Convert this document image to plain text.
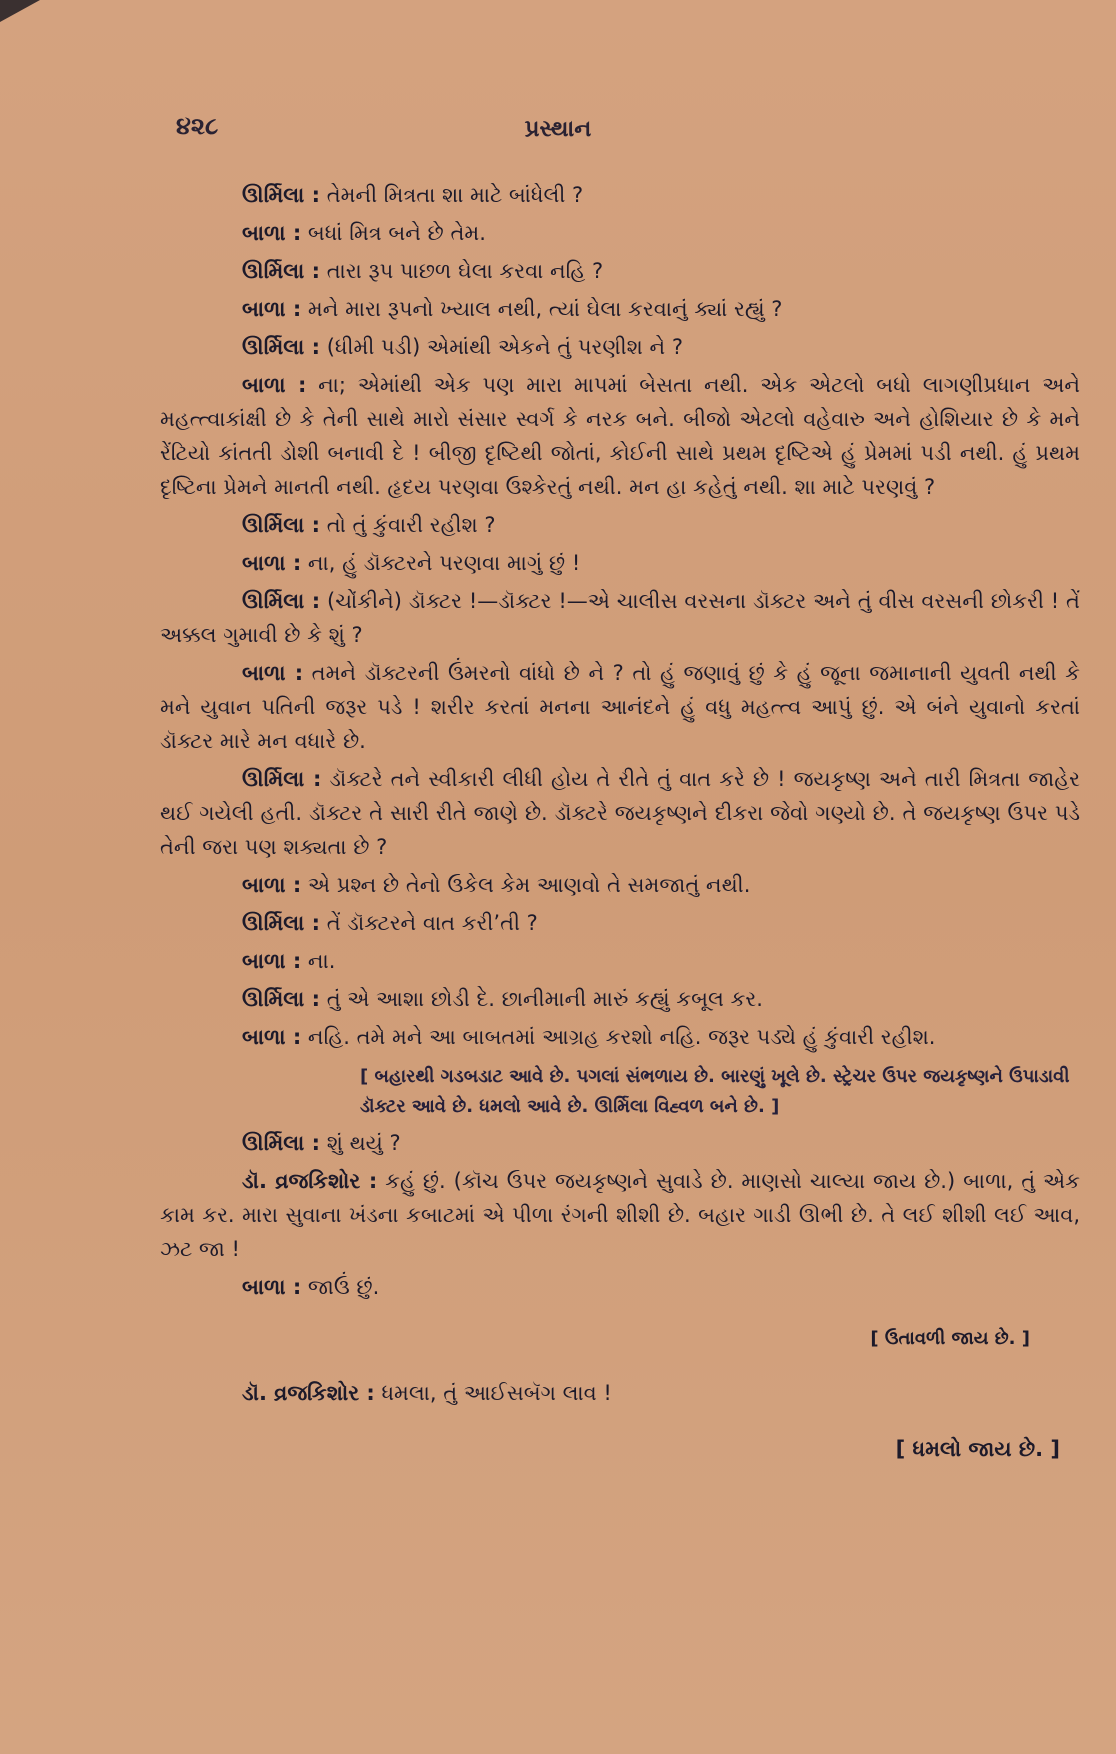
૪૨૮	પ્રસ્થાન

ઊર્મિલા : તેમની મિત્રતા શા માટે બાંધેલી ?

બાળા : બધાં મિત્ર બને છે તેમ.

ઊર્મિલા : તારા રૂપ પાછળ ઘેલા કરવા નહિ ?

બાળા : મને મારા રૂપનો ખ્યાલ નથી, ત્યાં ઘેલા કરવાનું ક્યાં રહ્યું ?

ઊર્મિલા : (ધીમી પડી) એમાંથી એકને તું પરણીશ ને ?

બાળા : ના; એમાંથી એક પણ મારા માપમાં બેસતા નથી. એક એટલો બધો લાગણીપ્રધાન અને મહત્ત્વાકાંક્ષી છે કે તેની સાથે મારો સંસાર સ્વર્ગ કે નરક બને. બીજો એટલો વહેવારુ અને હોશિયાર છે કે મને રેંટિયો કાંતતી ડોશી બનાવી દે ! બીજી દૃષ્ટિથી જોતાં, કોઈની સાથે પ્રથમ દૃષ્ટિએ હું પ્રેમમાં પડી નથી. હું પ્રથમ દૃષ્ટિના પ્રેમને માનતી નથી. હૃદય પરણવા ઉશ્કેરતું નથી. મન હા કહેતું નથી. શા માટે પરણવું ?

ઊર્મિલા : તો તું કુંવારી રહીશ ?

બાળા : ના, હું ડૉક્ટરને પરણવા માગું છું !

ઊર્મિલા : (ચોંકીને) ડૉક્ટર !—ડૉક્ટર !—એ ચાલીસ વરસના ડૉક્ટર અને તું વીસ વરસની છોકરી ! તેં અક્કલ ગુમાવી છે કે શું ?

બાળા : તમને ડૉક્ટરની ઉંમરનો વાંધો છે ને ? તો હું જણાવું છું કે હું જૂના જમાનાની યુવતી નથી કે મને યુવાન પતિની જરૂર પડે ! શરીર કરતાં મનના આનંદને હું વધુ મહત્ત્વ આપું છું. એ બંને યુવાનો કરતાં ડૉક્ટર મારે મન વધારે છે.

ઊર્મિલા : ડૉક્ટરે તને સ્વીકારી લીધી હોય તે રીતે તું વાત કરે છે ! જયકૃષ્ણ અને તારી મિત્રતા જાહેર થઈ ગયેલી હતી. ડૉક્ટર તે સારી રીતે જાણે છે. ડૉક્ટરે જયકૃષ્ણને દીકરા જેવો ગણ્યો છે. તે જયકૃષ્ણ ઉપર પડે તેની જરા પણ શક્યતા છે ?

બાળા : એ પ્રશ્ન છે તેનો ઉકેલ કેમ આણવો તે સમજાતું નથી.

ઊર્મિલા : તેં ડૉક્ટરને વાત કરી’તી ?

બાળા : ના.

ઊર્મિલા : તું એ આશા છોડી દે. છાનીમાની મારું કહ્યું કબૂલ કર.

બાળા : નહિ. તમે મને આ બાબતમાં આગ્રહ કરશો નહિ. જરૂર પડ્યે હું કુંવારી રહીશ.

[ બહારથી ગડબડાટ આવે છે. પગલાં સંભળાય છે. બારણું ખૂલે છે. સ્ટ્રેચર ઉપર જયકૃષ્ણને ઉપાડાવી ડૉક્ટર આવે છે. ધમલો આવે છે. ઊર્મિલા વિહ્વળ બને છે. ]

ઊર્મિલા : શું થયું ?

ડૉ. વ્રજકિશોર : કહું છું. (કૉચ ઉપર જયકૃષ્ણને સુવાડે છે. માણસો ચાલ્યા જાય છે.) બાળા, તું એક કામ કર. મારા સુવાના ખંડના કબાટમાં એ પીળા રંગની શીશી છે. બહાર ગાડી ઊભી છે. તે લઈ શીશી લઈ આવ, ઝટ જા !

બાળા : જાઉં છું.

[ ઉતાવળી જાય છે. ]

ડૉ. વ્રજકિશોર : ધમલા, તું આઈસબૅગ લાવ !

[ ધમલો જાય છે. ]
